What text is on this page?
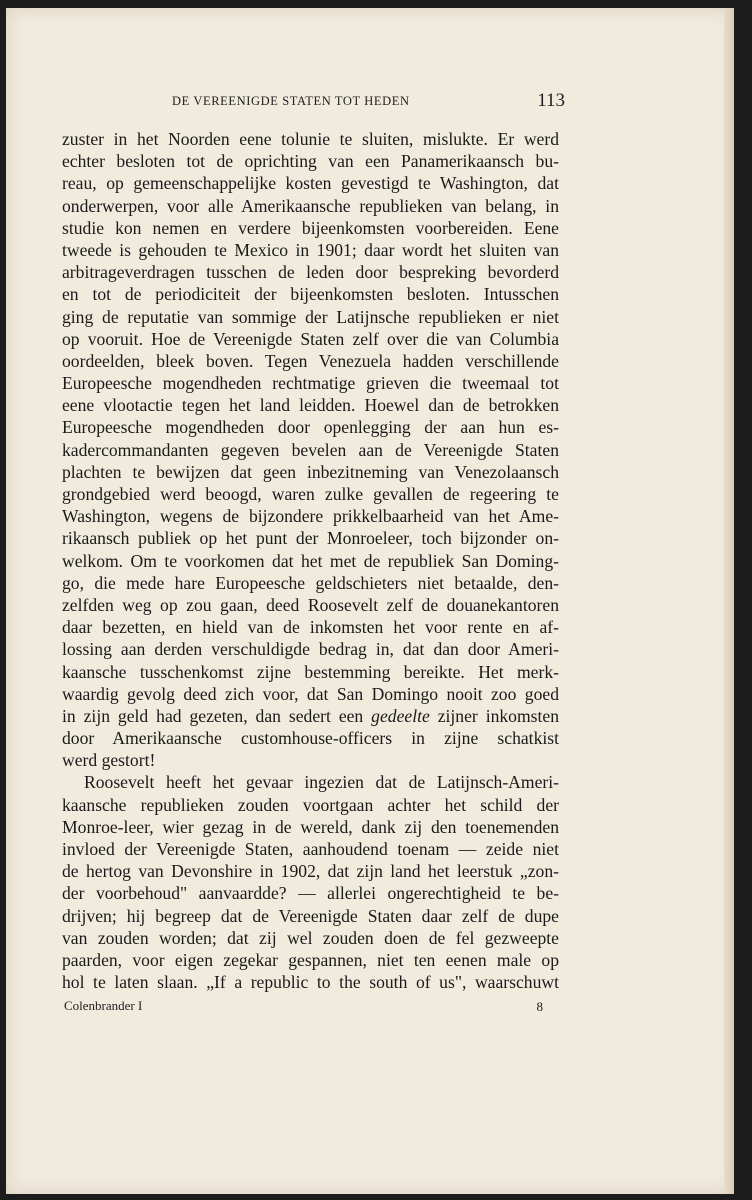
DE VEREENIGDE STATEN TOT HEDEN	113
zuster in het Noorden eene tolunie te sluiten, mislukte. Er werd
echter besloten tot de oprichting van een Panamerikaansch bu-
reau, op gemeenschappelijke kosten gevestigd te Washington, dat
onderwerpen, voor alle Amerikaansche republieken van belang, in
studie kon nemen en verdere bijeenkomsten voorbereiden. Eene
tweede is gehouden te Mexico in 1901; daar wordt het sluiten van
arbitrageverdragen tusschen de leden door bespreking bevorderd
en tot de periodiciteit der bijeenkomsten besloten. Intusschen
ging de reputatie van sommige der Latijnsche republieken er niet
op vooruit. Hoe de Vereenigde Staten zelf over die van Columbia
oordeelden, bleek boven. Tegen Venezuela hadden verschillende
Europeesche mogendheden rechtmatige grieven die tweemaal tot
eene vlootactie tegen het land leidden. Hoewel dan de betrokken
Europeesche mogendheden door openlegging der aan hun es-
kadercommandanten gegeven bevelen aan de Vereenigde Staten
plachten te bewijzen dat geen inbezitneming van Venezolaansch
grondgebied werd beoogd, waren zulke gevallen de regeering te
Washington, wegens de bijzondere prikkelbaarheid van het Ame-
rikaansch publiek op het punt der Monroeleer, toch bijzonder on-
welkom. Om te voorkomen dat het met de republiek San Doming-
go, die mede hare Europeesche geldschieters niet betaalde, den-
zelfden weg op zou gaan, deed Roosevelt zelf de douanekantoren
daar bezetten, en hield van de inkomsten het voor rente en af-
lossing aan derden verschuldigde bedrag in, dat dan door Ameri-
kaansche tusschenkomst zijne bestemming bereikte. Het merk-
waardig gevolg deed zich voor, dat San Domingo nooit zoo goed
in zijn geld had gezeten, dan sedert een gedeelte zijner inkomsten
door Amerikaansche customhouse-officers in zijne schatkist
werd gestort!
Roosevelt heeft het gevaar ingezien dat de Latijnsch-Ameri-
kaansche republieken zouden voortgaan achter het schild der
Monroe-leer, wier gezag in de wereld, dank zij den toenemenden
invloed der Vereenigde Staten, aanhoudend toenam — zeide niet
de hertog van Devonshire in 1902, dat zijn land het leerstuk „zon-
der voorbehoud" aanvaardde? — allerlei ongerechtigheid te be-
drijven; hij begreep dat de Vereenigde Staten daar zelf de dupe
van zouden worden; dat zij wel zouden doen de fel gezweepte
paarden, voor eigen zegekar gespannen, niet ten eenen male op
hol te laten slaan. „If a republic to the south of us", waarschuwt
Colenbrander I	8
